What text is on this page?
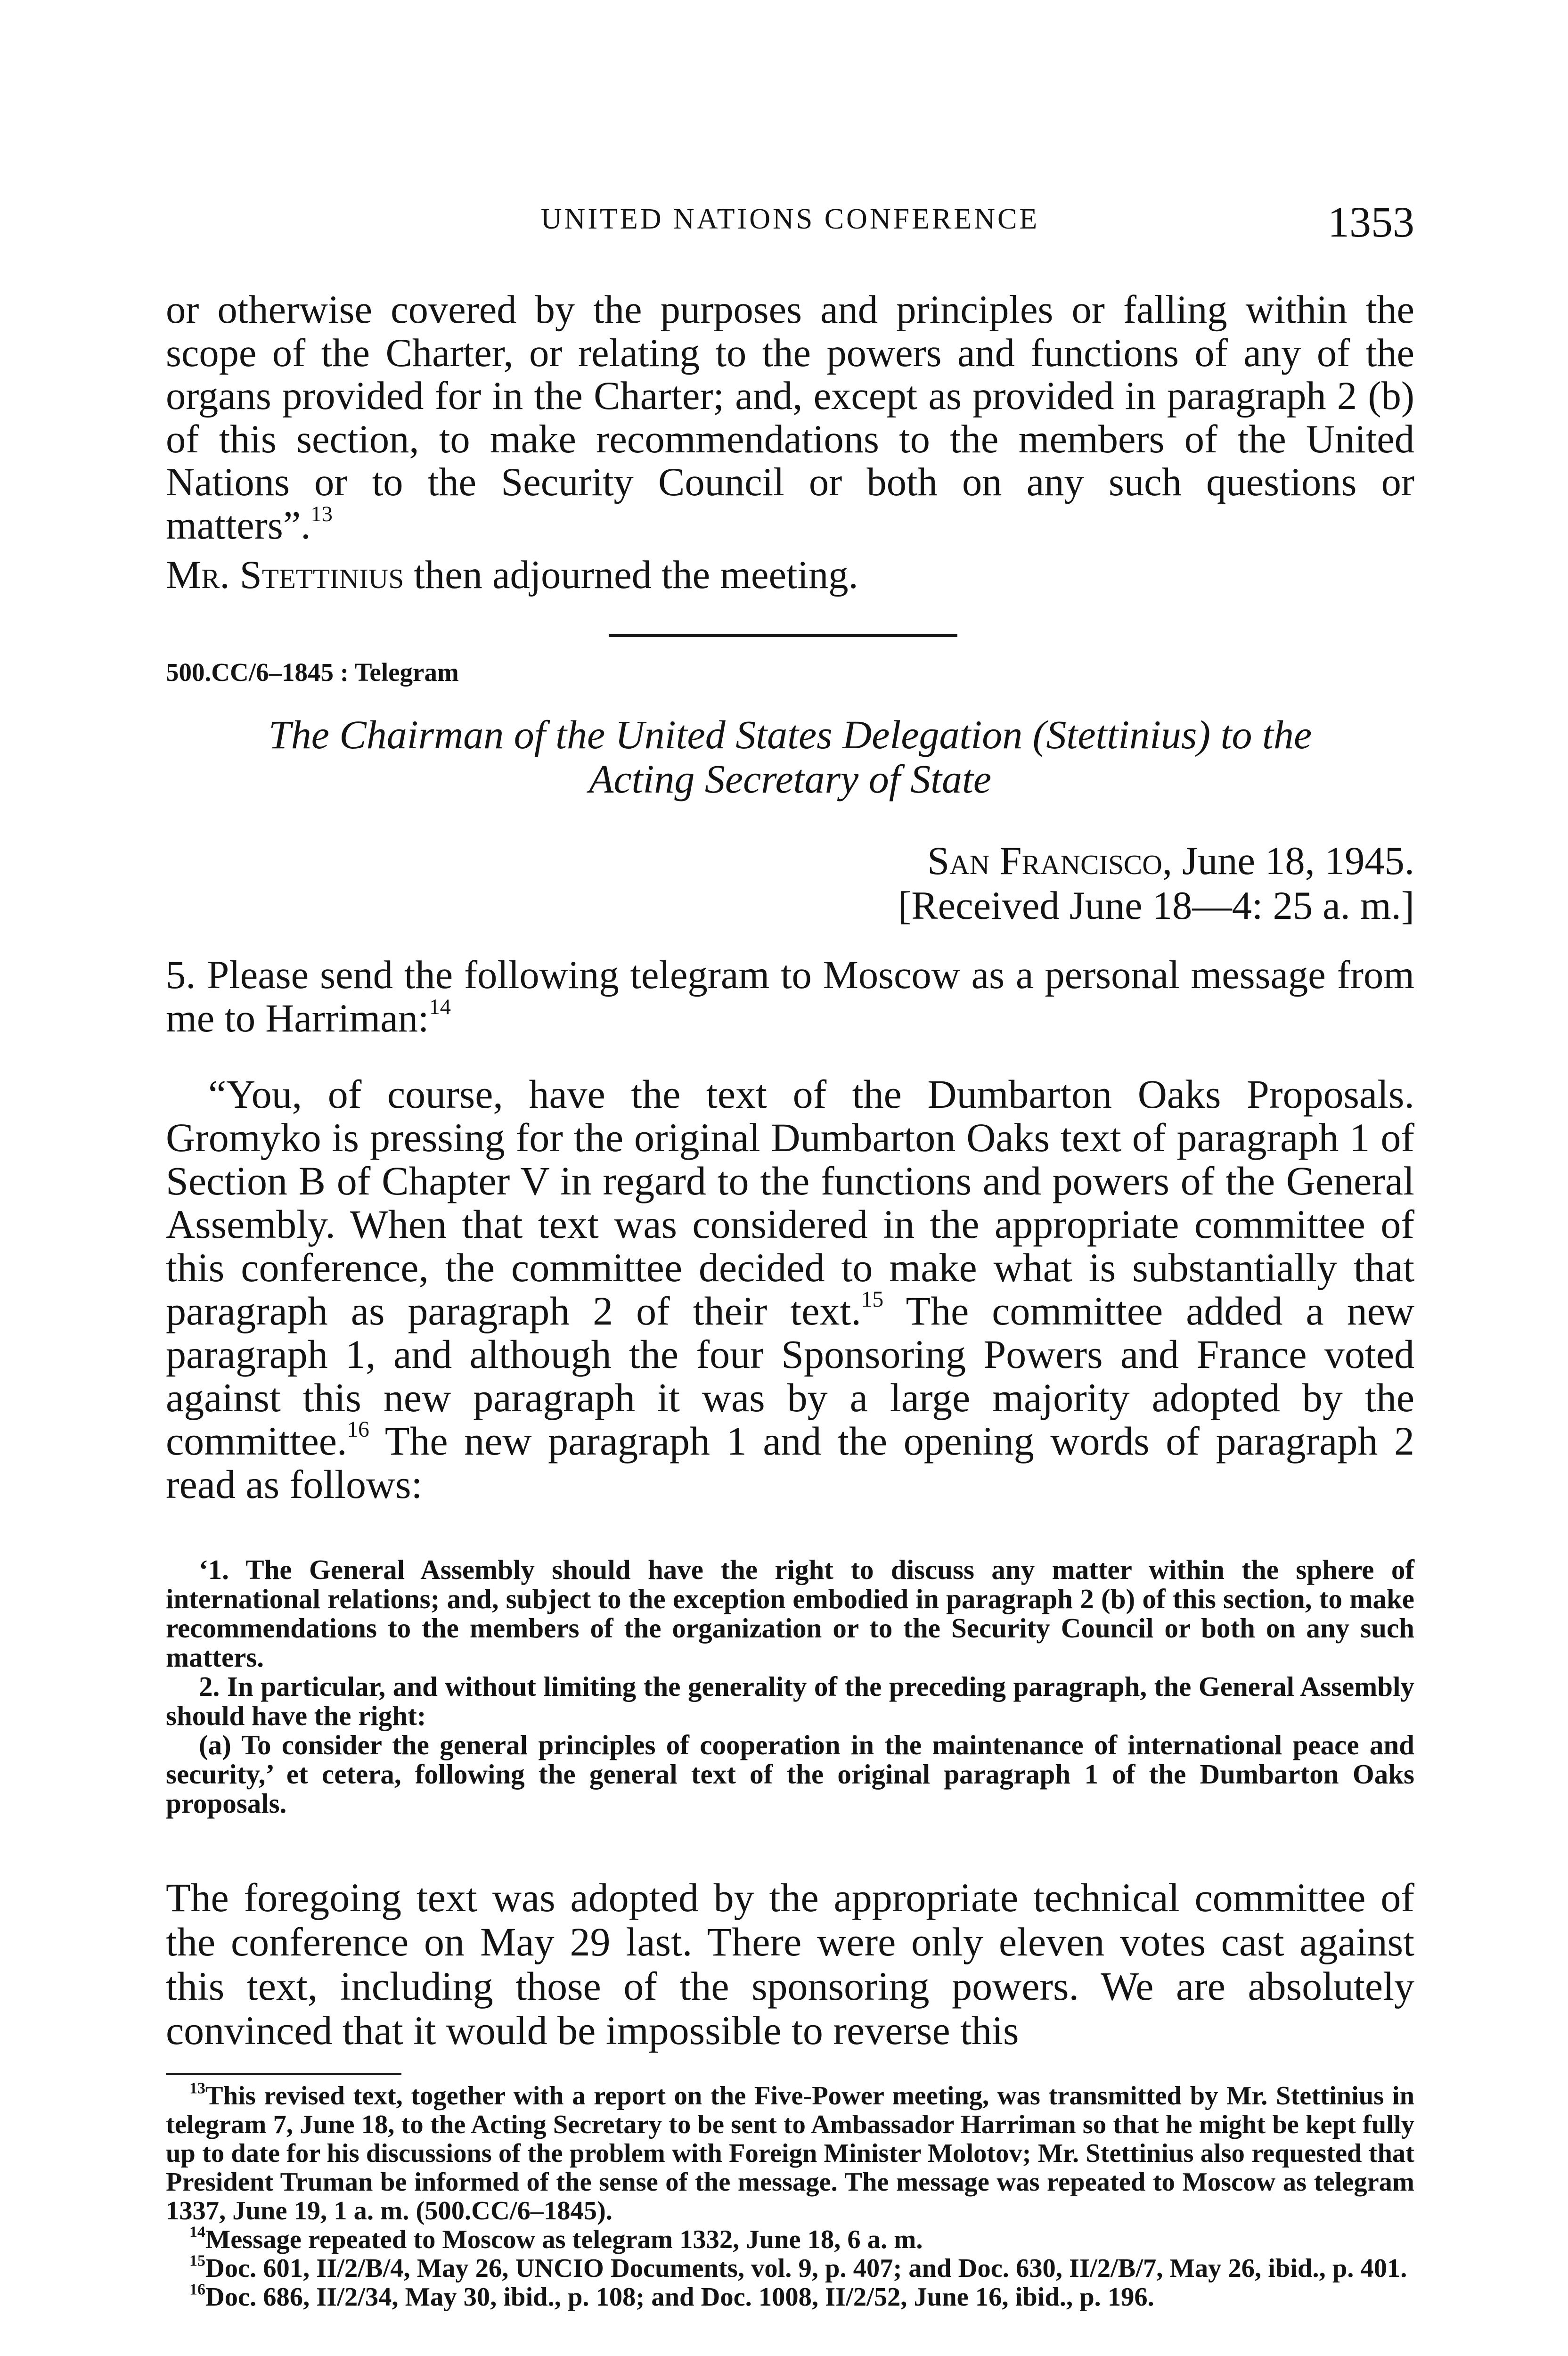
UNITED NATIONS CONFERENCE	1353

or otherwise covered by the purposes and principles or falling within the scope of the Charter, or relating to the powers and functions of any of the organs provided for in the Charter; and, except as provided in paragraph 2 (b) of this section, to make recommendations to the members of the United Nations or to the Security Council or both on any such questions or matters”.$^{13}$

Mr. Stettinius then adjourned the meeting.

500.CC/6–1845 : Telegram
The Chairman of the United States Delegation (Stettinius) to the
Acting Secretary of State
San Francisco, June 18, 1945.
[Received June 18—4: 25 a. m.]

5. Please send the following telegram to Moscow as a personal message from me to Harriman:$^{14}$

“You, of course, have the text of the Dumbarton Oaks Proposals. Gromyko is pressing for the original Dumbarton Oaks text of paragraph 1 of Section B of Chapter V in regard to the functions and powers of the General Assembly. When that text was considered in the appropriate committee of this conference, the committee decided to make what is substantially that paragraph as paragraph 2 of their text.$^{15}$ The committee added a new paragraph 1, and although the four Sponsoring Powers and France voted against this new paragraph it was by a large majority adopted by the committee.$^{16}$ The new paragraph 1 and the opening words of paragraph 2 read as follows:

‘1. The General Assembly should have the right to discuss any matter within the sphere of international relations; and, subject to the exception embodied in paragraph 2 (b) of this section, to make recommendations to the members of the organization or to the Security Council or both on any such matters.

2. In particular, and without limiting the generality of the preceding paragraph, the General Assembly should have the right:

(a) To consider the general principles of cooperation in the maintenance of international peace and security,’ et cetera, following the general text of the original paragraph 1 of the Dumbarton Oaks proposals.

The foregoing text was adopted by the appropriate technical committee of the conference on May 29 last. There were only eleven votes cast against this text, including those of the sponsoring powers. We are absolutely convinced that it would be impossible to reverse this

$^{13}$This revised text, together with a report on the Five-Power meeting, was transmitted by Mr. Stettinius in telegram 7, June 18, to the Acting Secretary to be sent to Ambassador Harriman so that he might be kept fully up to date for his discussions of the problem with Foreign Minister Molotov; Mr. Stettinius also requested that President Truman be informed of the sense of the message. The message was repeated to Moscow as telegram 1337, June 19, 1 a. m. (500.CC/6–1845).

$^{14}$Message repeated to Moscow as telegram 1332, June 18, 6 a. m.

$^{15}$Doc. 601, II/2/B/4, May 26, UNCIO Documents, vol. 9, p. 407; and Doc. 630, II/2/B/7, May 26, ibid., p. 401.

$^{16}$Doc. 686, II/2/34, May 30, ibid., p. 108; and Doc. 1008, II/2/52, June 16, ibid., p. 196.
